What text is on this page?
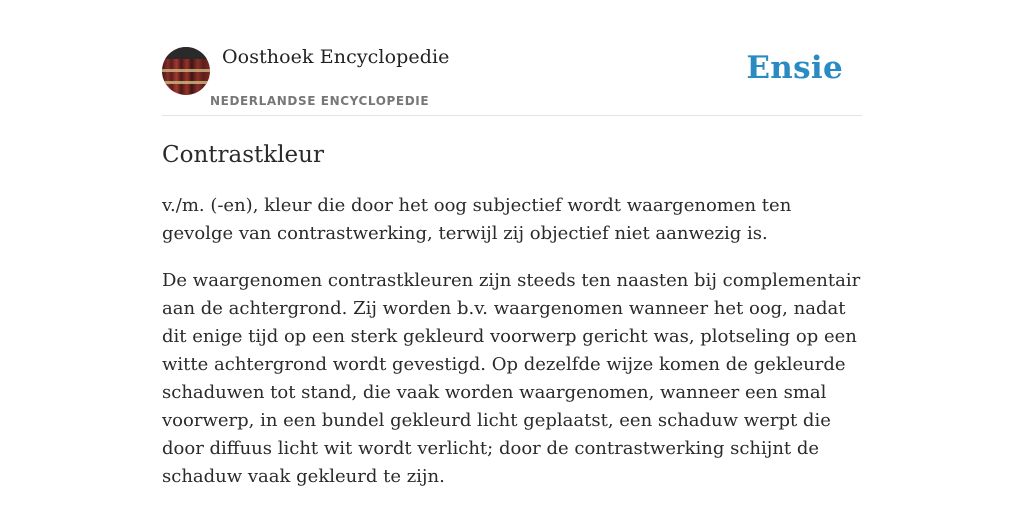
Oosthoek Encyclopedie
NEDERLANDSE ENCYCLOPEDIE
Ensie
Contrastkleur

v./m. (-en), kleur die door het oog subjectief wordt waargenomen ten gevolge van contrastwerking, terwijl zij objectief niet aanwezig is.

De waargenomen contrastkleuren zijn steeds ten naasten bij complementair aan de achtergrond. Zij worden b.v. waargenomen wanneer het oog, nadat dit enige tijd op een sterk gekleurd voorwerp gericht was, plotseling op een witte achtergrond wordt gevestigd. Op dezelfde wijze komen de gekleurde schaduwen tot stand, die vaak worden waargenomen, wanneer een smal voorwerp, in een bundel gekleurd licht geplaatst, een schaduw werpt die door diffuus licht wit wordt verlicht; door de contrastwerking schijnt de schaduw vaak gekleurd te zijn.
